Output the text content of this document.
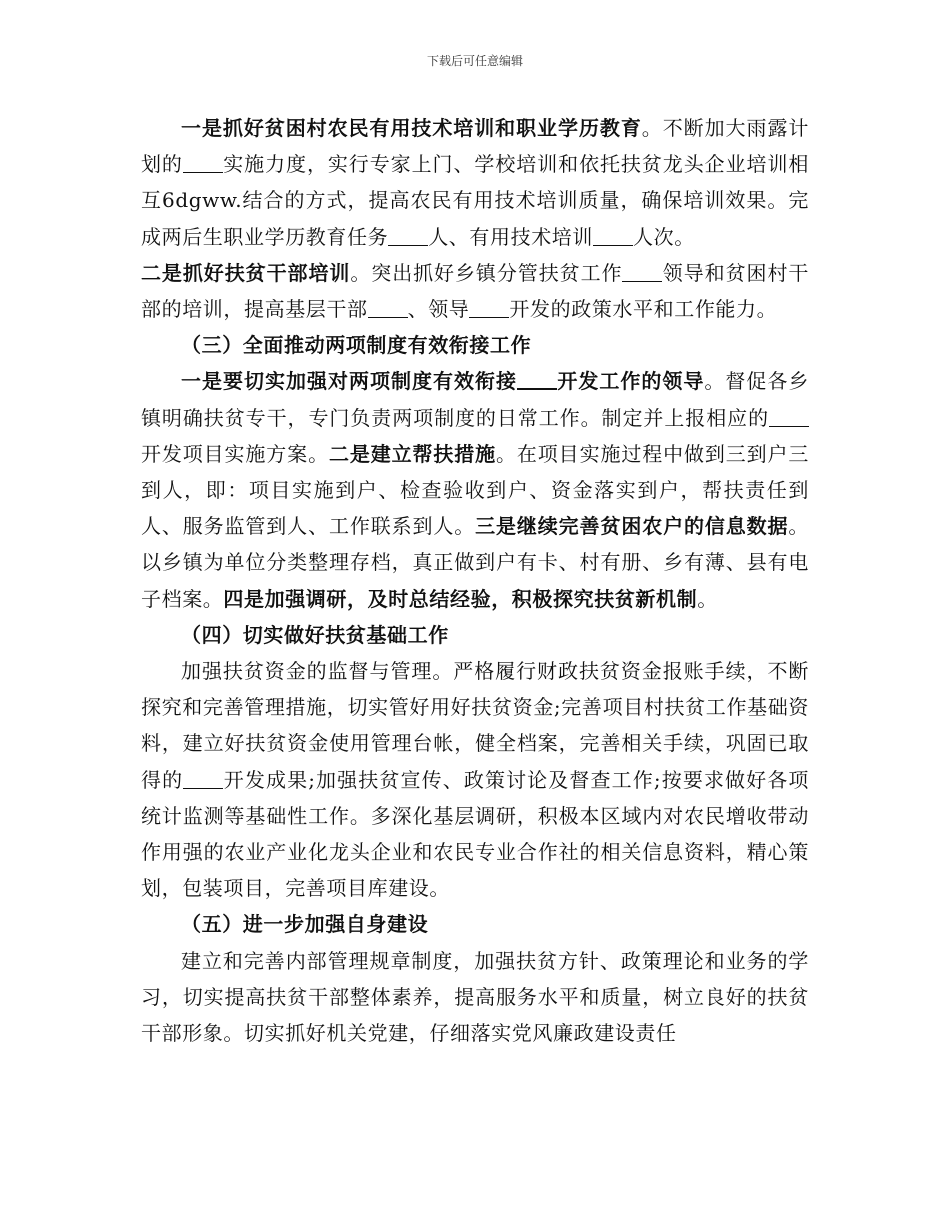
下载后可任意编辑

一是抓好贫困村农民有用技术培训和职业学历教育。不断加大雨露计划的 实施力度，实行专家上门、学校培训和依托扶贫龙头企业培训相互6dgww.结合的方式，提高农民有用技术培训质量，确保培训效果。完成两后生职业学历教育任务 人、有用技术培训 人次。

二是抓好扶贫干部培训。突出抓好乡镇分管扶贫工作 领导和贫困村干部的培训，提高基层干部 、领导 开发的政策水平和工作能力。

（三）全面推动两项制度有效衔接工作

一是要切实加强对两项制度有效衔接 开发工作的领导。督促各乡镇明确扶贫专干，专门负责两项制度的日常工作。制定并上报相应的开发项目实施方案。二是建立帮扶措施。在项目实施过程中做到三到户三到人，即：项目实施到户、检查验收到户、资金落实到户，帮扶责任到人、服务监管到人、工作联系到人。三是继续完善贫困农户的信息数据。以乡镇为单位分类整理存档，真正做到户有卡、村有册、乡有薄、县有电子档案。四是加强调研，及时总结经验，积极探究扶贫新机制。

（四）切实做好扶贫基础工作

加强扶贫资金的监督与管理。严格履行财政扶贫资金报账手续，不断探究和完善管理措施，切实管好用好扶贫资金;完善项目村扶贫工作基础资料，建立好扶贫资金使用管理台帐，健全档案，完善相关手续，巩固已取得的 开发成果;加强扶贫宣传、政策讨论及督查工作;按要求做好各项统计监测等基础性工作。多深化基层调研，积极本区域内对农民增收带动作用强的农业产业化龙头企业和农民专业合作社的相关信息资料，精心策划，包装项目，完善项目库建设。

（五）进一步加强自身建设

建立和完善内部管理规章制度，加强扶贫方针、政策理论和业务的学习，切实提高扶贫干部整体素养，提高服务水平和质量，树立良好的扶贫干部形象。切实抓好机关党建，仔细落实党风廉政建设责任
